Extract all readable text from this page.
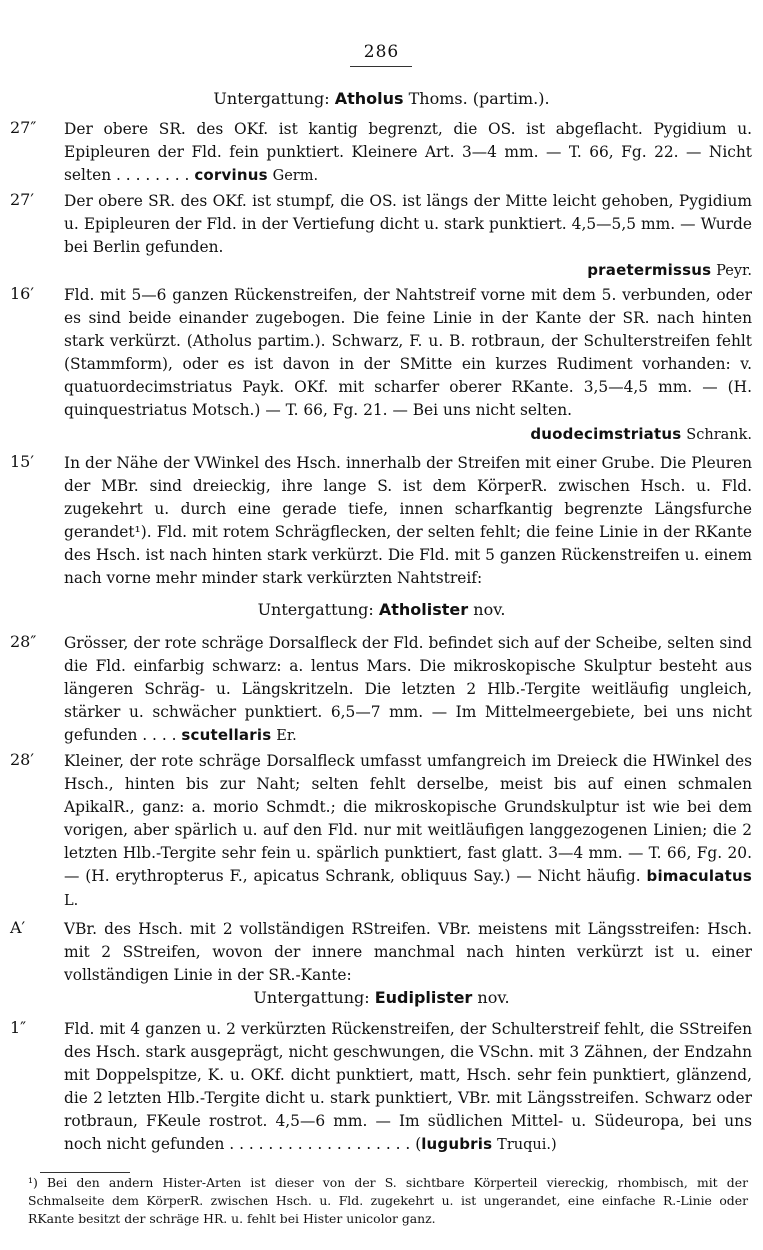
286
Untergattung: Atholus Thoms. (partim.).
27″	Der obere SR. des OKf. ist kantig begrenzt, die OS. ist abgeflacht. Pygidium u. Epipleuren der Fld. fein punktiert. Kleinere Art. 3—4 mm. — T. 66, Fg. 22. — Nicht selten . . . . . . . . corvinus Germ.
27′	Der obere SR. des OKf. ist stumpf, die OS. ist längs der Mitte leicht gehoben, Pygidium u. Epipleuren der Fld. in der Vertiefung dicht u. stark punktiert. 4,5—5,5 mm. — Wurde bei Berlin gefunden.
praetermissus Peyr.
16′	Fld. mit 5—6 ganzen Rückenstreifen, der Nahtstreif vorne mit dem 5. verbunden, oder es sind beide einander zugebogen. Die feine Linie in der Kante der SR. nach hinten stark verkürzt. (Atholus partim.). Schwarz, F. u. B. rotbraun, der Schulterstreifen fehlt (Stammform), oder es ist davon in der SMitte ein kurzes Rudiment vorhanden: v. quatuordecimstriatus Payk. OKf. mit scharfer oberer RKante. 3,5—4,5 mm. — (H. quinquestriatus Motsch.) — T. 66, Fg. 21. — Bei uns nicht selten.
duodecimstriatus Schrank.
15′	In der Nähe der VWinkel des Hsch. innerhalb der Streifen mit einer Grube. Die Pleuren der MBr. sind dreieckig, ihre lange S. ist dem KörperR. zwischen Hsch. u. Fld. zugekehrt u. durch eine gerade tiefe, innen scharfkantig begrenzte Längsfurche gerandet¹). Fld. mit rotem Schrägflecken, der selten fehlt; die feine Linie in der RKante des Hsch. ist nach hinten stark verkürzt. Die Fld. mit 5 ganzen Rückenstreifen u. einem nach vorne mehr minder stark verkürzten Nahtstreif:
Untergattung: Atholister nov.
28″	Grösser, der rote schräge Dorsalfleck der Fld. befindet sich auf der Scheibe, selten sind die Fld. einfarbig schwarz: a. lentus Mars. Die mikroskopische Skulptur besteht aus längeren Schräg- u. Längskritzeln. Die letzten 2 Hlb.-Tergite weitläufig ungleich, stärker u. schwächer punktiert. 6,5—7 mm. — Im Mittelmeergebiete, bei uns nicht gefunden . . . . scutellaris Er.
28′	Kleiner, der rote schräge Dorsalfleck umfasst umfangreich im Dreieck die HWinkel des Hsch., hinten bis zur Naht; selten fehlt derselbe, meist bis auf einen schmalen ApikalR., ganz: a. morio Schmdt.; die mikroskopische Grundskulptur ist wie bei dem vorigen, aber spärlich u. auf den Fld. nur mit weitläufigen langgezogenen Linien; die 2 letzten Hlb.-Tergite sehr fein u. spärlich punktiert, fast glatt. 3—4 mm. — T. 66, Fg. 20. — (H. erythropterus F., apicatus Schrank, obliquus Say.) — Nicht häufig. bimaculatus L.
A′	VBr. des Hsch. mit 2 vollständigen RStreifen. VBr. meistens mit Längsstreifen: Hsch. mit 2 SStreifen, wovon der innere manchmal nach hinten verkürzt ist u. einer vollständigen Linie in der SR.-Kante:
Untergattung: Eudiplister nov.
1″	Fld. mit 4 ganzen u. 2 verkürzten Rückenstreifen, der Schulterstreif fehlt, die SStreifen des Hsch. stark ausgeprägt, nicht geschwungen, die VSchn. mit 3 Zähnen, der Endzahn mit Doppelspitze, K. u. OKf. dicht punktiert, matt, Hsch. sehr fein punktiert, glänzend, die 2 letzten Hlb.-Tergite dicht u. stark punktiert, VBr. mit Längsstreifen. Schwarz oder rotbraun, FKeule rostrot. 4,5—6 mm. — Im südlichen Mittel- u. Südeuropa, bei uns noch nicht gefunden . . . . . . . . . . . . . . . . . . . (lugubris Truqui.)
¹) Bei den andern Hister-Arten ist dieser von der S. sichtbare Körperteil viereckig, rhombisch, mit der Schmalseite dem KörperR. zwischen Hsch. u. Fld. zugekehrt u. ist ungerandet, eine einfache R.-Linie oder RKante besitzt der schräge HR. u. fehlt bei Hister unicolor ganz.
